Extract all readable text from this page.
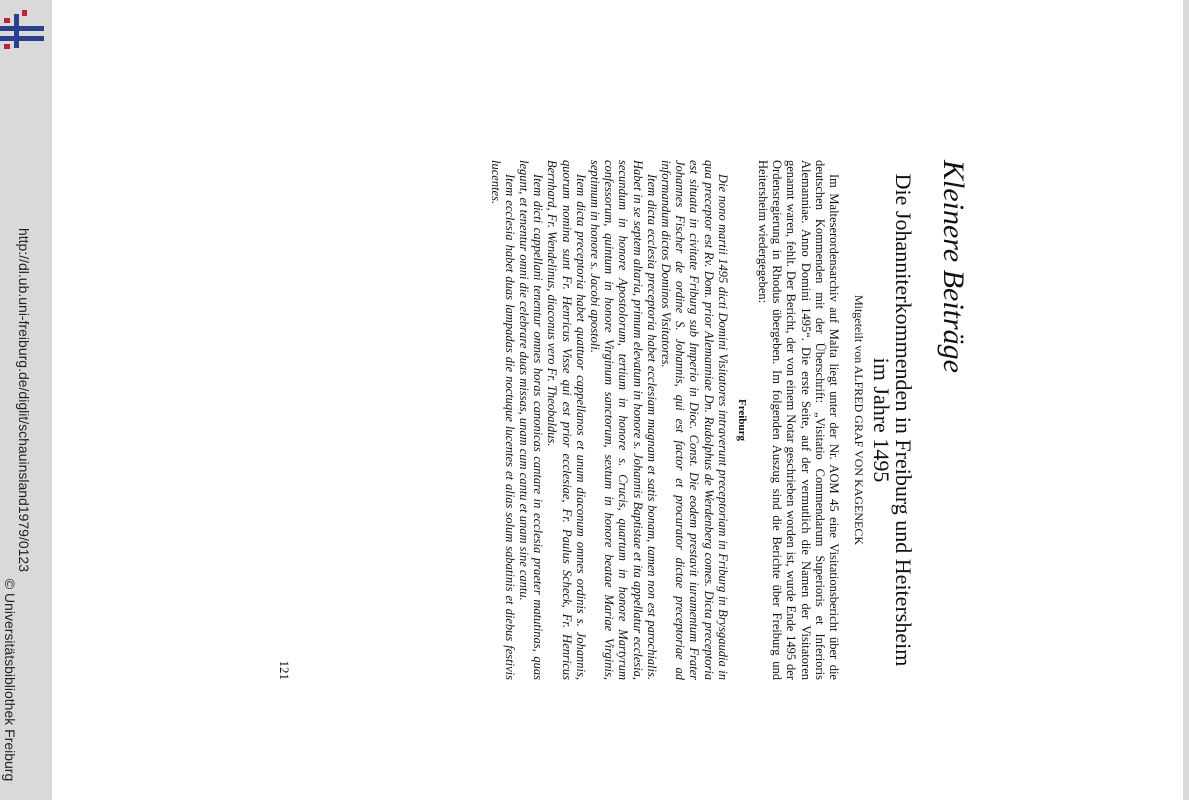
http://dl.ub.uni-freiburg.de/diglit/schauinsland1979/0123
© Universitätsbibliothek Freiburg
Kleinere Beiträge
Die Johanniterkommenden in Freiburg und Heitersheim im Jahre 1495
Mitgeteilt von ALFRED GRAF VON KAGENECK

Im Malteserordensarchiv auf Malta liegt unter der Nr. AOM 45 eine Visitationsbericht über die deutschen Kommenden mit der Überschrift: „Visitatio Commendarum Superioris et Inferioris Alemanniae. Anno Domini 1495“. Die erste Seite, auf der vermutlich die Namen der Visitatoren genannt waren, fehlt. Der Bericht, der von einem Notar geschrieben worden ist, wurde Ende 1495 der Ordensregierung in Rhodus übergeben. Im folgenden Auszug sind die Berichte über Freiburg und Heitersheim wiedergegeben:

Freiburg

Die nono martii 1495 dicti Domini Visitatores intraverunt preceptoriam in Friburg in Brysgaudia in qua preceptor est Rv. Dom. prior Alemanniae Dn. Rudolphus de Werdenberg comes. Dicta preceptoria est situata in civitate Friburg sub Imperio in Dioc. Const. Die eodem prestavit iuramentum Frater Johannes Fischer de ordine S. Johannis, qui est factor et procurator dictae preceptoriae ad informandum dictos Dominos Visitatores.

Item dicta ecclesia preceptoria habet ecclesiam magnam et satis bonam, tamen non est parochialis. Habet in se septem altaria, primum elevatum in honore s. Johannis Baptistae et ita appellatur ecclesia, secundum in honore Apostolorum, tertium in honore s. Crucis, quartum in honore Martyrum confessorum, quintum in honore Virginum sanctorum, sextum in honore beatae Mariae Virginis, septimum in honore s. Jacobi apostoli.

Item dicta preceptoria habet quattuor cappellanos et unum diaconum omnes ordinis s. Johannis, quorum nomina sunt Fr. Henricus Visse qui est prior ecclesiae, Fr. Paulus Scheck, Fr. Henricus Bernhard, Fr. Wendelinus, diaconus vero Fr. Theobaldus.

Item dicti cappellani tenentur omnes horas canonicas cantare in ecclesia praeter matutinas, quas legunt, et tenentur omni die celebrare duas missas, unam cum cantu et unam sine cantu.

Item ecclesia habet duas lampadas die noctuque lucentes et alias solum sabatinis et diebus festivis lucentes.

121
